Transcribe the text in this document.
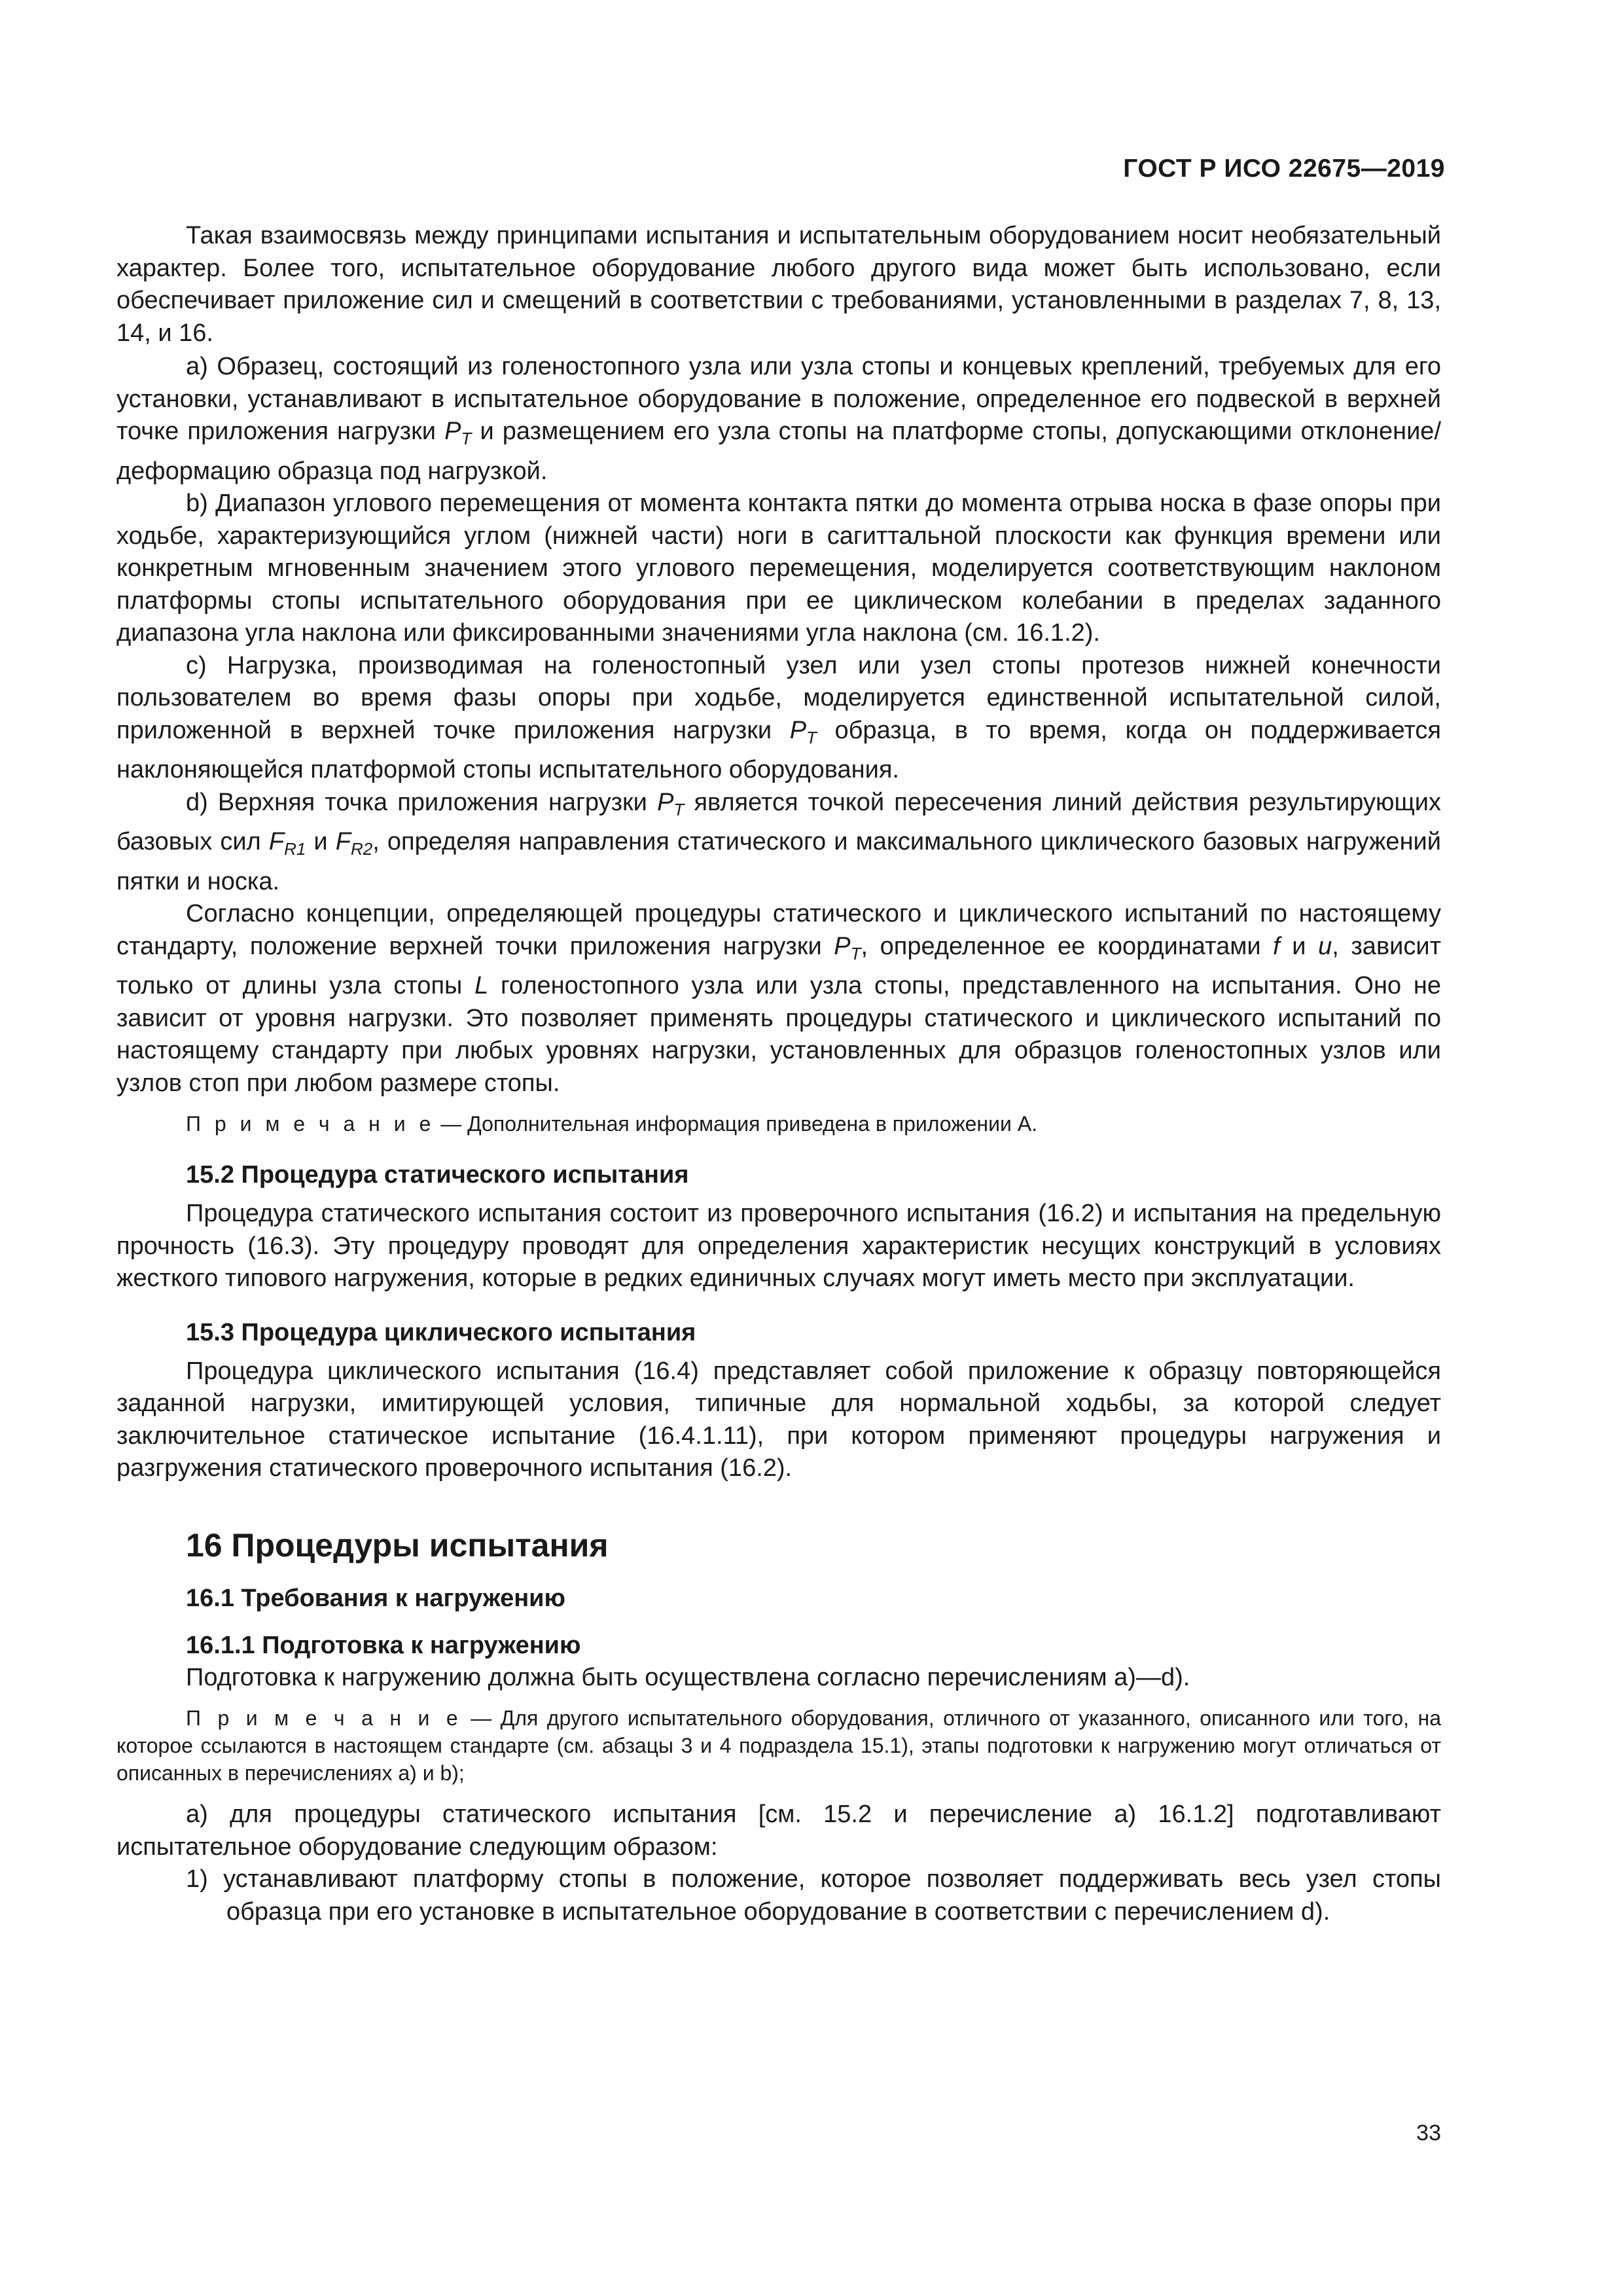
ГОСТ Р ИСО 22675—2019

Такая взаимосвязь между принципами испытания и испытательным оборудованием носит необязательный характер. Более того, испытательное оборудование любого другого вида может быть использовано, если обеспечивает приложение сил и смещений в соответствии с требованиями, установленными в разделах 7, 8, 13, 14, и 16.

а) Образец, состоящий из голеностопного узла или узла стопы и концевых креплений, требуемых для его установки, устанавливают в испытательное оборудование в положение, определенное его подвеской в верхней точке приложения нагрузки $P_T$ и размещением его узла стопы на платформе стопы, допускающими отклонение/деформацию образца под нагрузкой.

b) Диапазон углового перемещения от момента контакта пятки до момента отрыва носка в фазе опоры при ходьбе, характеризующийся углом (нижней части) ноги в сагиттальной плоскости как функция времени или конкретным мгновенным значением этого углового перемещения, моделируется соответствующим наклоном платформы стопы испытательного оборудования при ее циклическом колебании в пределах заданного диапазона угла наклона или фиксированными значениями угла наклона (см. 16.1.2).

с) Нагрузка, производимая на голеностопный узел или узел стопы протезов нижней конечности пользователем во время фазы опоры при ходьбе, моделируется единственной испытательной силой, приложенной в верхней точке приложения нагрузки $P_T$ образца, в то время, когда он поддерживается наклоняющейся платформой стопы испытательного оборудования.

d) Верхняя точка приложения нагрузки $P_T$ является точкой пересечения линий действия результирующих базовых сил $F_{R1}$ и $F_{R2}$, определяя направления статического и максимального циклического базовых нагружений пятки и носка.

Согласно концепции, определяющей процедуры статического и циклического испытаний по настоящему стандарту, положение верхней точки приложения нагрузки $P_T$, определенное ее координатами f и u, зависит только от длины узла стопы L голеностопного узла или узла стопы, представленного на испытания. Оно не зависит от уровня нагрузки. Это позволяет применять процедуры статического и циклического испытаний по настоящему стандарту при любых уровнях нагрузки, установленных для образцов голеностопных узлов или узлов стоп при любом размере стопы.

П р и м е ч а н и е — Дополнительная информация приведена в приложении А.

15.2 Процедура статического испытания

Процедура статического испытания состоит из проверочного испытания (16.2) и испытания на предельную прочность (16.3). Эту процедуру проводят для определения характеристик несущих конструкций в условиях жесткого типового нагружения, которые в редких единичных случаях могут иметь место при эксплуатации.

15.3 Процедура циклического испытания

Процедура циклического испытания (16.4) представляет собой приложение к образцу повторяющейся заданной нагрузки, имитирующей условия, типичные для нормальной ходьбы, за которой следует заключительное статическое испытание (16.4.1.11), при котором применяют процедуры нагружения и разгружения статического проверочного испытания (16.2).

16 Процедуры испытания
16.1 Требования к нагружению
16.1.1 Подготовка к нагружению

Подготовка к нагружению должна быть осуществлена согласно перечислениям а)—d).

П р и м е ч а н и е — Для другого испытательного оборудования, отличного от указанного, описанного или того, на которое ссылаются в настоящем стандарте (см. абзацы 3 и 4 подраздела 15.1), этапы подготовки к нагружению могут отличаться от описанных в перечислениях а) и b);

а) для процедуры статического испытания [см. 15.2 и перечисление а) 16.1.2] подготавливают испытательное оборудование следующим образом:

1) устанавливают платформу стопы в положение, которое позволяет поддерживать весь узел стопы образца при его установке в испытательное оборудование в соответствии с перечислением d).

33
